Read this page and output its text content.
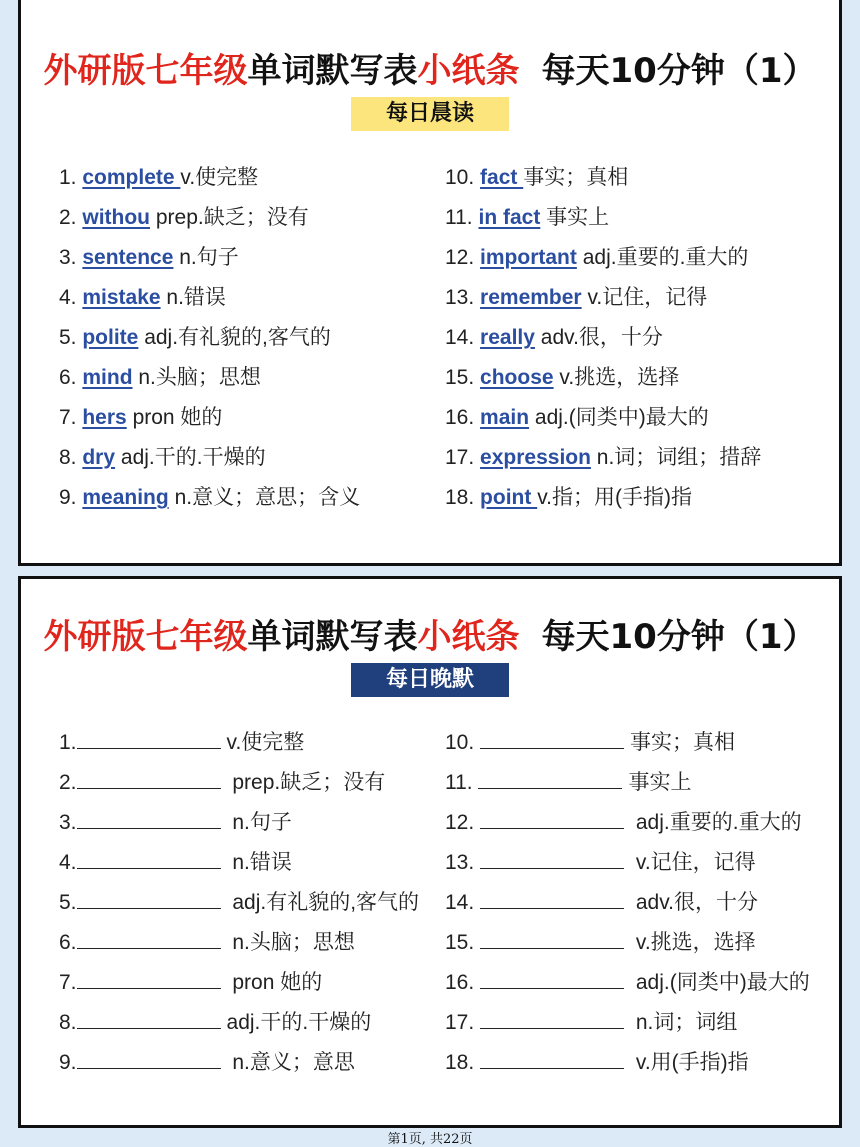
外研版七年级单词默写表小纸条 每天10分钟（1）
每日晨读
1. complete v.使完整
2. withou prep.缺乏；没有
3. sentence n.句子
4. mistake n.错误
5. polite adj.有礼貌的,客气的
6. mind n.头脑；思想
7. hers pron 她的
8. dry adj.干的.干燥的
9. meaning n.意义；意思；含义
10. fact 事实；真相
11. in fact 事实上
12. important adj.重要的.重大的
13. remember v.记住，记得
14. really adv.很，十分
15. choose v.挑选，选择
16. main adj.(同类中)最大的
17. expression n.词；词组；措辞
18. point v.指；用(手指)指
外研版七年级单词默写表小纸条 每天10分钟（1）
每日晚默
1.	v.使完整
2.	prep.缺乏；没有
3.	n.句子
4.	n.错误
5.	adj.有礼貌的,客气的
6.	n.头脑；思想
7.	pron 她的
8.	adj.干的.干燥的
9.	n.意义；意思
10.	事实；真相
11.	事实上
12.	adj.重要的.重大的
13.	v.记住，记得
14.	adv.很，十分
15.	v.挑选，选择
16.	adj.(同类中)最大的
17.	n.词；词组
18.	v.用(手指)指
第1页, 共22页
